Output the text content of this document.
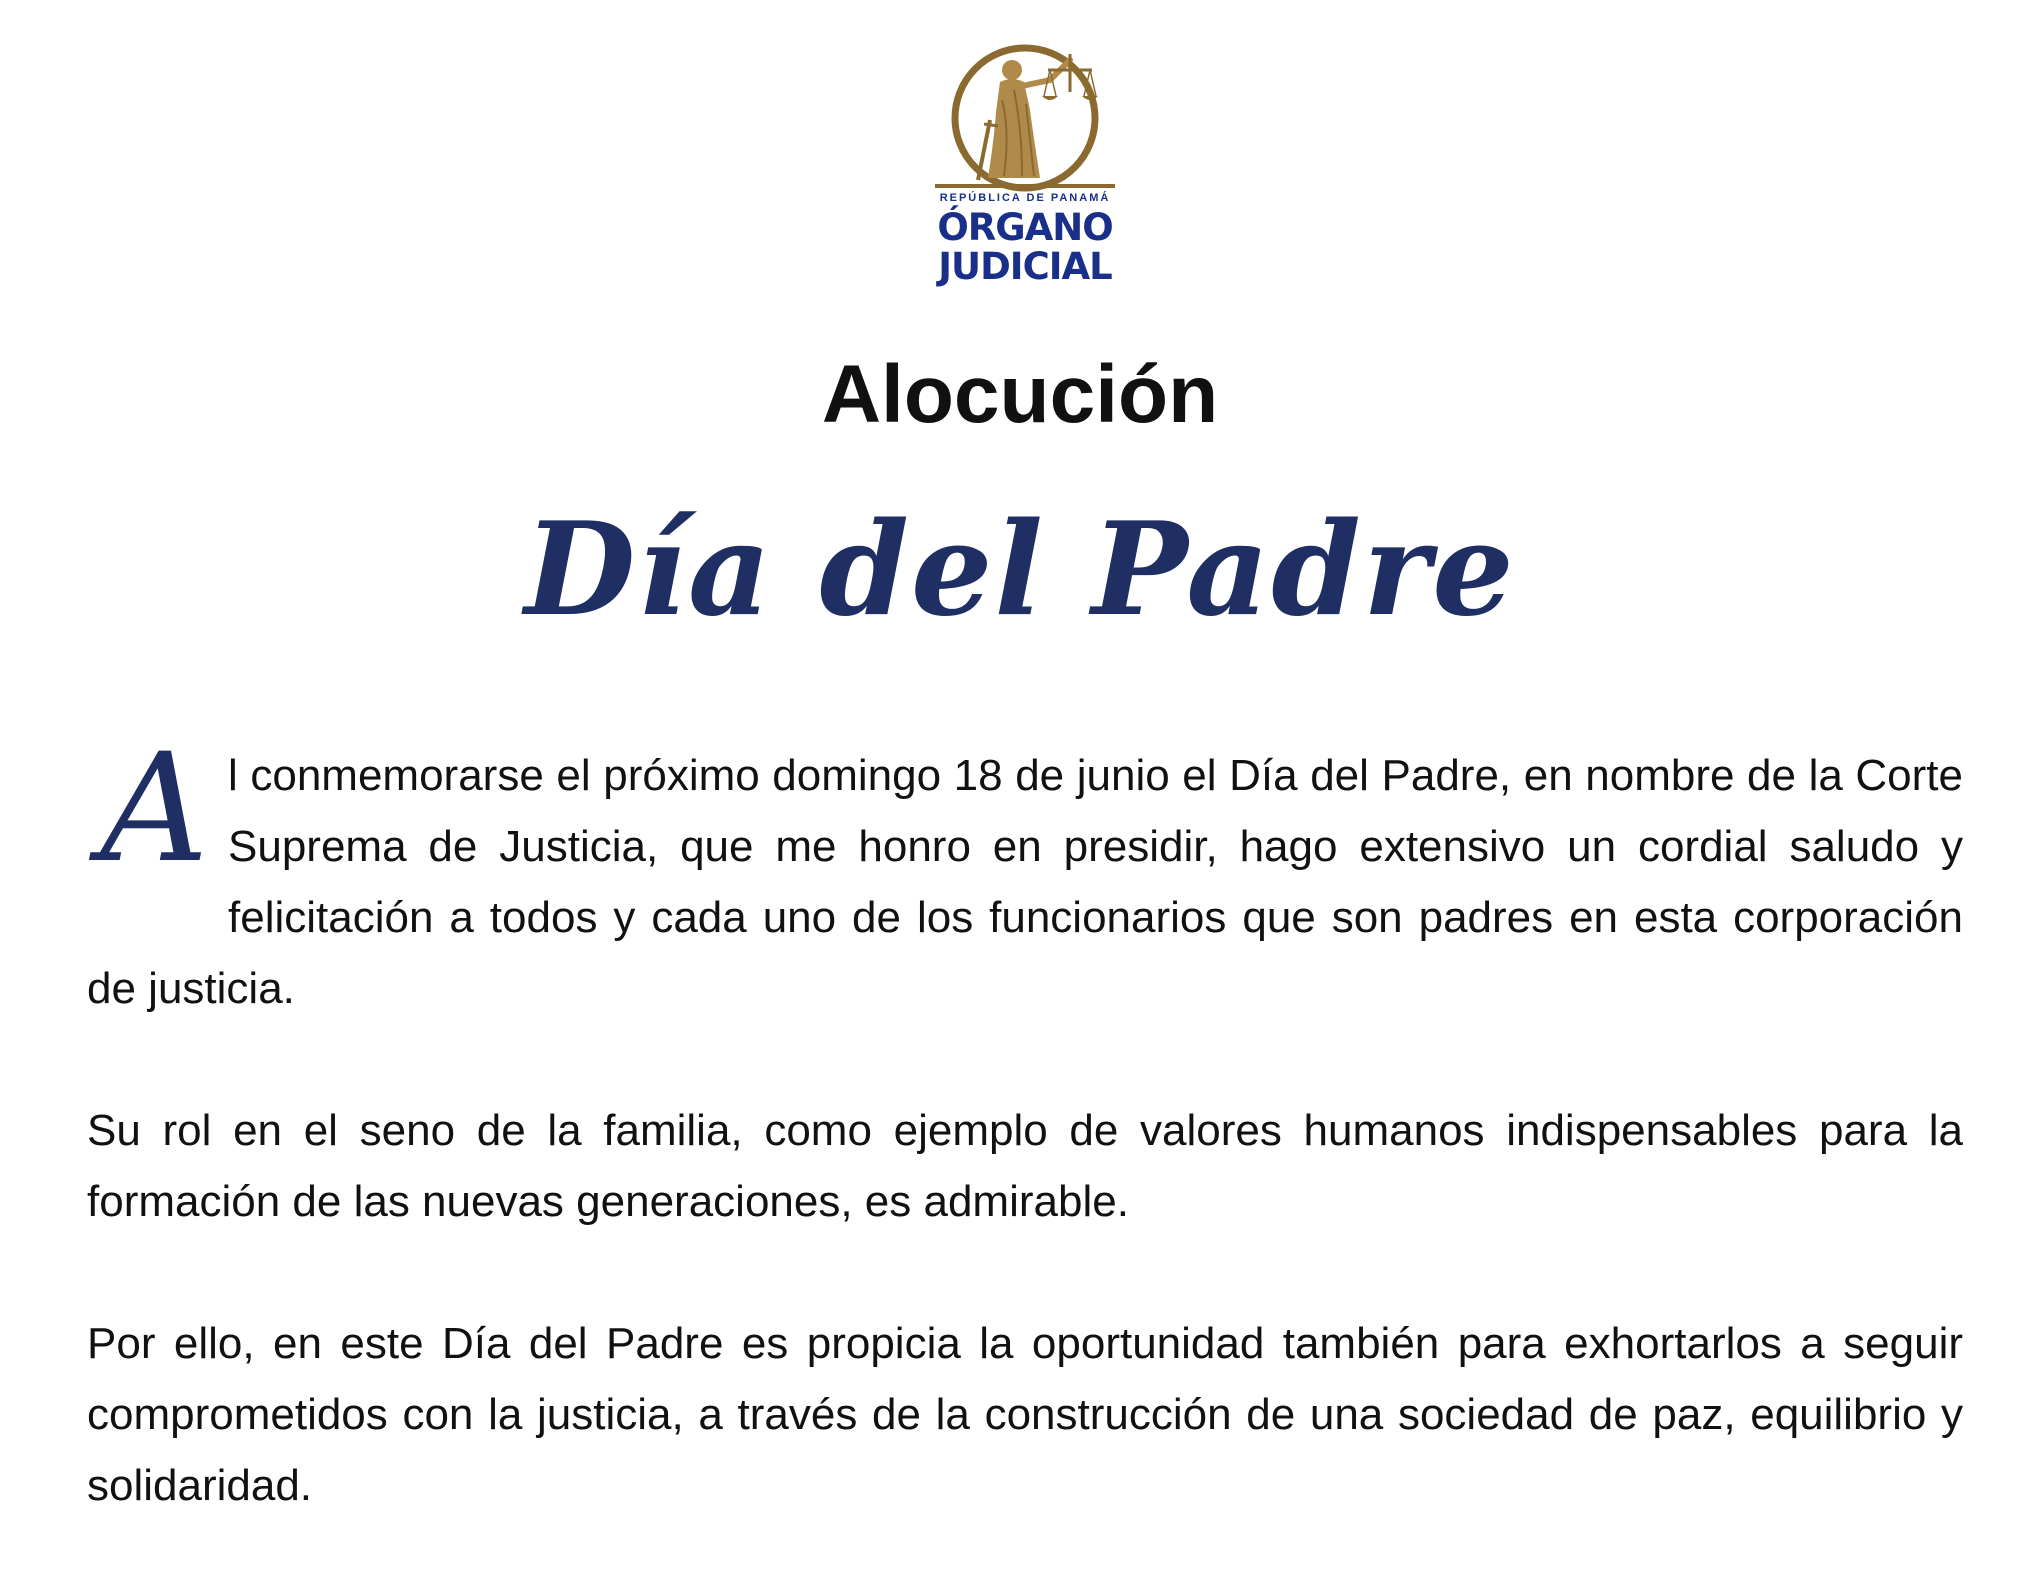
REPÚBLICA DE PANAMÁ
ÓRGANO
JUDICIAL
Alocución
Día del Padre

Al conmemorarse el próximo domingo 18 de junio el Día del Padre, en nombre de la Corte Suprema de Justicia, que me honro en presidir, hago extensivo un cordial saludo y felicitación a todos y cada uno de los funcionarios que son padres en esta corporación de justicia.

Su rol en el seno de la familia, como ejemplo de valores humanos indispensables para la formación de las nuevas generaciones, es admirable.

Por ello, en este Día del Padre es propicia la oportunidad también para exhortarlos a seguir comprometidos con la justicia, a través de la construcción de una sociedad de paz, equilibrio y solidaridad.
